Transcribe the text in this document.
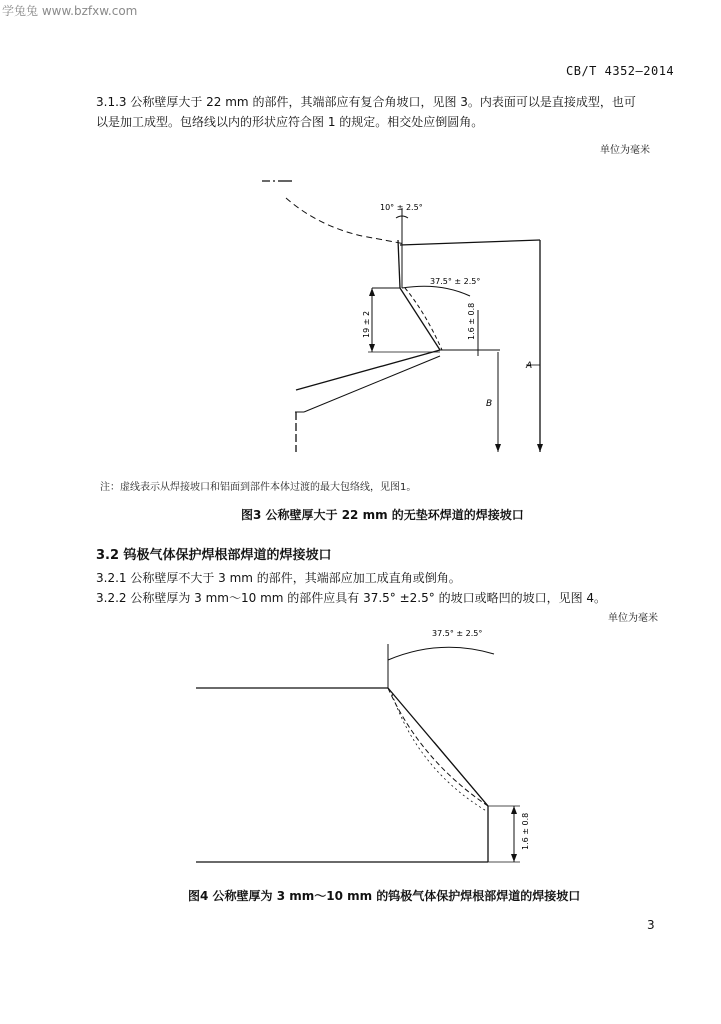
学兔兔 www.bzfxw.com
CB/T 4352—2014
3.1.3 公称壁厚大于 22 mm 的部件，其端部应有复合角坡口，见图 3。内表面可以是直接成型，也可
以是加工成型。包络线以内的形状应符合图 1 的规定。相交处应倒圆角。
单位为毫米
10° ± 2.5°
37.5° ± 2.5°
19 ± 2	1.6 ± 0.8
A
B
注：虚线表示从焊接坡口和铝面到部件本体过渡的最大包络线，见图1。
图3 公称壁厚大于 22 mm 的无垫环焊道的焊接坡口
3.2 钨极气体保护焊根部焊道的焊接坡口
3.2.1 公称壁厚不大于 3 mm 的部件，其端部应加工成直角或倒角。
3.2.2 公称壁厚为 3 mm～10 mm 的部件应具有 37.5° ±2.5° 的坡口或略凹的坡口，见图 4。
单位为毫米
37.5° ± 2.5°
1.6 ± 0.8
图4 公称壁厚为 3 mm～10 mm 的钨极气体保护焊根部焊道的焊接坡口
3
